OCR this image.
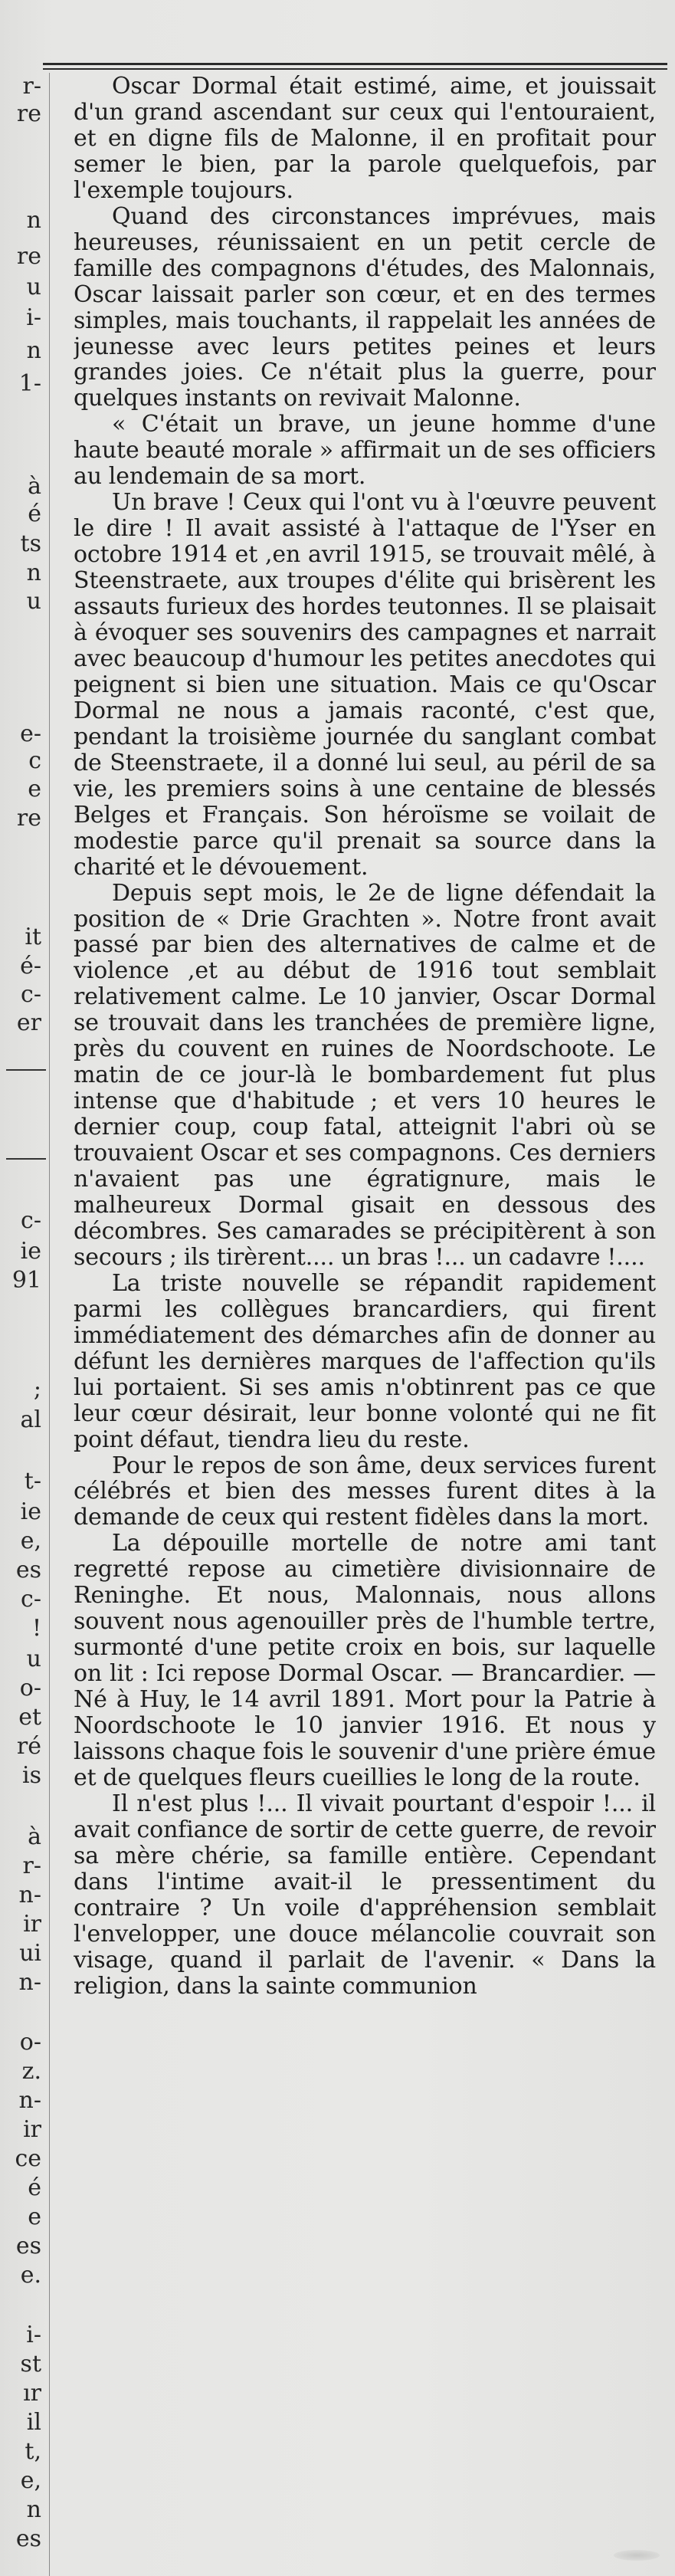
r-
re
n
re
u
i-
n
1-
à
é
ts
n
u
e-
c
e
re
it
é-
c-
er
c-
ie
91
;
al
t-
ie
e,
es
c-
!
u
o-
et
ré
is
à
r-
n-
ir
ui
n-
o-
z.
n-
ir
ce
é
e
es
e.
i-
st
ır
il
t,
e,
n
es

Oscar Dormal était estimé, aime, et jouissait d'un grand ascendant sur ceux qui l'entouraient, et en digne fils de Malonne, il en profitait pour semer le bien, par la parole quelquefois, par l'exemple toujours.

Quand des circonstances imprévues, mais heureuses, réunissaient en un petit cercle de famille des compagnons d'études, des Malonnais, Oscar laissait parler son cœur, et en des termes simples, mais touchants, il rappelait les années de jeunesse avec leurs petites peines et leurs grandes joies. Ce n'était plus la guerre, pour quelques instants on revivait Malonne.

« C'était un brave, un jeune homme d'une haute beauté morale » affirmait un de ses officiers au lendemain de sa mort.

Un brave ! Ceux qui l'ont vu à l'œuvre peuvent le dire ! Il avait assisté à l'attaque de l'Yser en octobre 1914 et ,en avril 1915, se trouvait mêlé, à Steenstraete, aux troupes d'élite qui brisèrent les assauts furieux des hordes teutonnes. Il se plaisait à évoquer ses souvenirs des campagnes et narrait avec beaucoup d'humour les petites anecdotes qui peignent si bien une situation. Mais ce qu'Oscar Dormal ne nous a jamais raconté, c'est que, pendant la troisième journée du sanglant combat de Steenstraete, il a donné lui seul, au péril de sa vie, les premiers soins à une centaine de blessés Belges et Français. Son héroïsme se voilait de modestie parce qu'il prenait sa source dans la charité et le dévouement.

Depuis sept mois, le 2e de ligne défendait la position de « Drie Grachten ». Notre front avait passé par bien des alternatives de calme et de violence ,et au début de 1916 tout semblait relativement calme. Le 10 janvier, Oscar Dormal se trouvait dans les tranchées de première ligne, près du couvent en ruines de Noordschoote. Le matin de ce jour-là le bombardement fut plus intense que d'habitude ; et vers 10 heures le dernier coup, coup fatal, atteignit l'abri où se trouvaient Oscar et ses compagnons. Ces derniers n'avaient pas une égratignure, mais le malheureux Dormal gisait en dessous des décombres. Ses camarades se précipitèrent à son secours ; ils tirèrent.... un bras !... un cadavre !....

La triste nouvelle se répandit rapidement parmi les collègues brancardiers, qui firent immédiatement des démarches afin de donner au défunt les dernières marques de l'affection qu'ils lui portaient. Si ses amis n'obtinrent pas ce que leur cœur désirait, leur bonne volonté qui ne fit point défaut, tiendra lieu du reste.

Pour le repos de son âme, deux services furent célébrés et bien des messes furent dites à la demande de ceux qui restent fidèles dans la mort.

La dépouille mortelle de notre ami tant regretté repose au cimetière divisionnaire de Reninghe. Et nous, Malonnais, nous allons souvent nous agenouiller près de l'humble tertre, surmonté d'une petite croix en bois, sur laquelle on lit : Ici repose Dormal Oscar. — Brancardier. — Né à Huy, le 14 avril 1891. Mort pour la Patrie à Noordschoote le 10 janvier 1916. Et nous y laissons chaque fois le souvenir d'une prière émue et de quelques fleurs cueillies le long de la route.

Il n'est plus !... Il vivait pourtant d'espoir !... il avait confiance de sortir de cette guerre, de revoir sa mère chérie, sa famille entière. Cependant dans l'intime avait-il le pressentiment du contraire ? Un voile d'appréhension semblait l'envelopper, une douce mélancolie couvrait son visage, quand il parlait de l'avenir. « Dans la religion, dans la sainte communion
